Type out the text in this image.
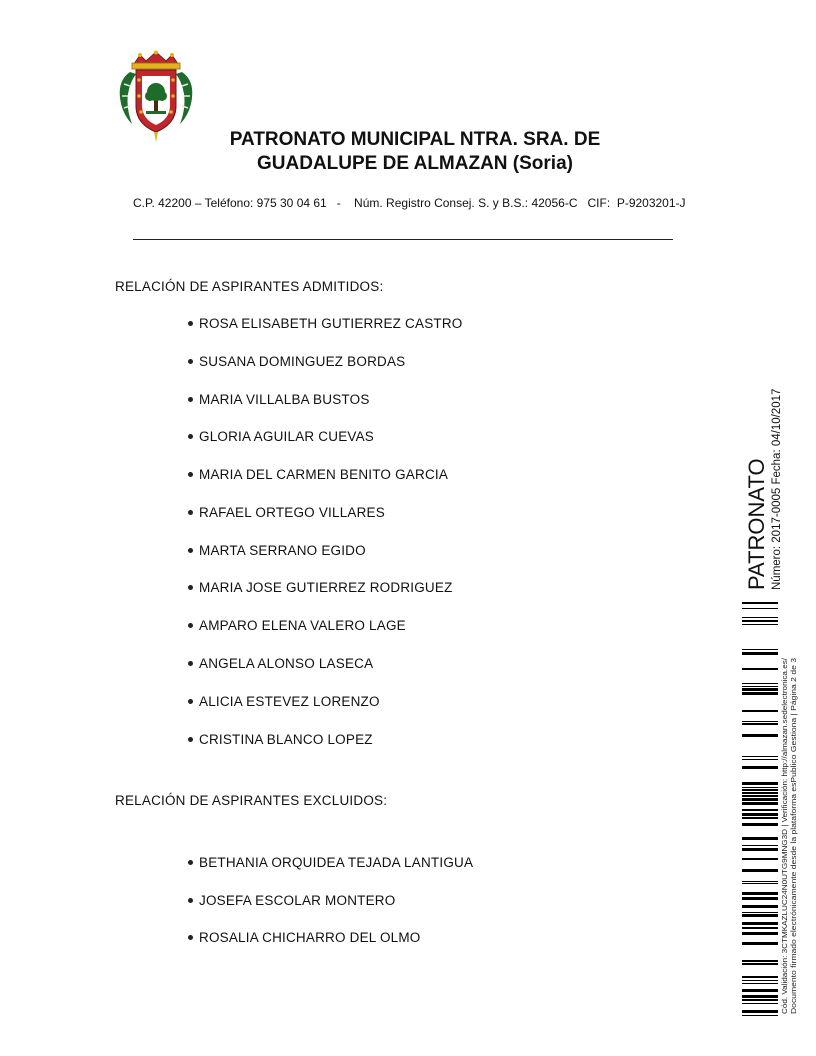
PATRONATO MUNICIPAL NTRA. SRA. DE
GUADALUPE DE ALMAZAN (Soria)
C.P. 42200 – Teléfono: 975 30 04 61   -    Núm. Registro Consej. S. y B.S.: 42056-C   CIF:  P-9203201-J
RELACIÓN DE ASPIRANTES ADMITIDOS:
ROSA ELISABETH GUTIERREZ CASTRO
SUSANA DOMINGUEZ BORDAS
MARIA VILLALBA BUSTOS
GLORIA AGUILAR CUEVAS
MARIA DEL CARMEN BENITO GARCIA
RAFAEL ORTEGO VILLARES
MARTA SERRANO EGIDO
MARIA JOSE GUTIERREZ RODRIGUEZ
AMPARO ELENA VALERO LAGE
ANGELA ALONSO LASECA
ALICIA ESTEVEZ LORENZO
CRISTINA BLANCO LOPEZ
RELACIÓN DE ASPIRANTES EXCLUIDOS:
BETHANIA ORQUIDEA TEJADA LANTIGUA
JOSEFA ESCOLAR MONTERO
ROSALIA CHICHARRO DEL OLMO
PATRONATO Número: 2017-0005 Fecha: 04/10/2017
Cód. Validación: 3CTMKAZLUC24N0UTG9MNG3D | Verificación: http://almazan.sedelectronica.es/ Documento firmado electrónicamente desde la plataforma esPublico Gestiona | Página 2 de 3
